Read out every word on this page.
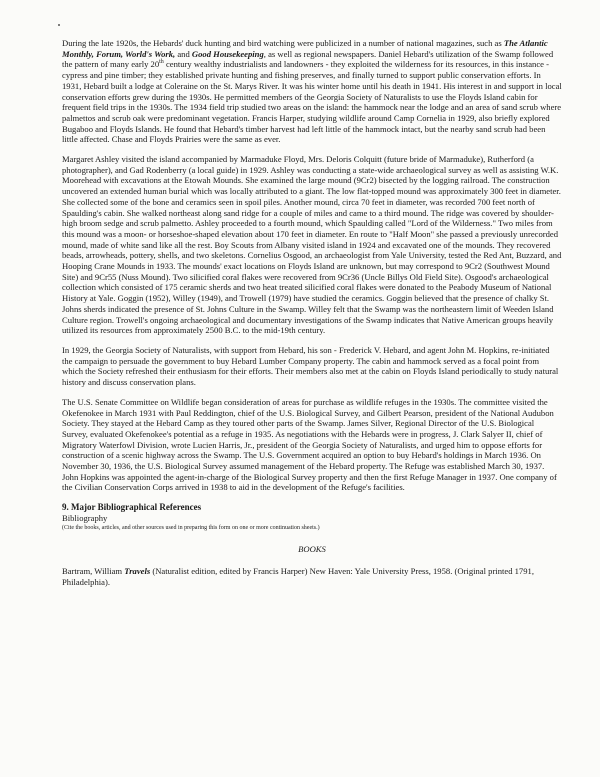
During the late 1920s, the Hebards' duck hunting and bird watching were publicized in a number of national magazines, such as The Atlantic Monthly, Forum, World's Work, and Good Housekeeping, as well as regional newspapers. Daniel Hebard's utilization of the Swamp followed the pattern of many early 20th century wealthy industrialists and landowners - they exploited the wilderness for its resources, in this instance - cypress and pine timber; they established private hunting and fishing preserves, and finally turned to support public conservation efforts. In 1931, Hebard built a lodge at Coleraine on the St. Marys River. It was his winter home until his death in 1941. His interest in and support in local conservation efforts grew during the 1930s. He permitted members of the Georgia Society of Naturalists to use the Floyds Island cabin for frequent field trips in the 1930s. The 1934 field trip studied two areas on the island: the hammock near the lodge and an area of sand scrub where palmettos and scrub oak were predominant vegetation. Francis Harper, studying wildlife around Camp Cornelia in 1929, also briefly explored Bugaboo and Floyds Islands. He found that Hebard's timber harvest had left little of the hammock intact, but the nearby sand scrub had been little affected. Chase and Floyds Prairies were the same as ever.

Margaret Ashley visited the island accompanied by Marmaduke Floyd, Mrs. Deloris Colquitt (future bride of Marmaduke), Rutherford (a photographer), and Gad Rodenberry (a local guide) in 1929. Ashley was conducting a state-wide archaeological survey as well as assisting W.K. Moorehead with excavations at the Etowah Mounds. She examined the large mound (9Cr2) bisected by the logging railroad. The construction uncovered an extended human burial which was locally attributed to a giant. The low flat-topped mound was approximately 300 feet in diameter. She collected some of the bone and ceramics seen in spoil piles. Another mound, circa 70 feet in diameter, was recorded 700 feet north of Spaulding's cabin. She walked northeast along sand ridge for a couple of miles and came to a third mound. The ridge was covered by shoulder-high broom sedge and scrub palmetto. Ashley proceeded to a fourth mound, which Spaulding called "Lord of the Wilderness." Two miles from this mound was a moon- or horseshoe-shaped elevation about 170 feet in diameter. En route to "Half Moon" she passed a previously unrecorded mound, made of white sand like all the rest. Boy Scouts from Albany visited island in 1924 and excavated one of the mounds. They recovered beads, arrowheads, pottery, shells, and two skeletons. Cornelius Osgood, an archaeologist from Yale University, tested the Red Ant, Buzzard, and Hooping Crane Mounds in 1933. The mounds' exact locations on Floyds Island are unknown, but may correspond to 9Cr2 (Southwest Mound Site) and 9Cr55 (Nuss Mound). Two silicified coral flakes were recovered from 9Cr36 (Uncle Billys Old Field Site). Osgood's archaeological collection which consisted of 175 ceramic sherds and two heat treated silicified coral flakes were donated to the Peabody Museum of National History at Yale. Goggin (1952), Willey (1949), and Trowell (1979) have studied the ceramics. Goggin believed that the presence of chalky St. Johns sherds indicated the presence of St. Johns Culture in the Swamp. Willey felt that the Swamp was the northeastern limit of Weeden Island Culture region. Trowell's ongoing archaeological and documentary investigations of the Swamp indicates that Native American groups heavily utilized its resources from approximately 2500 B.C. to the mid-19th century.

In 1929, the Georgia Society of Naturalists, with support from Hebard, his son - Frederick V. Hebard, and agent John M. Hopkins, re-initiated the campaign to persuade the government to buy Hebard Lumber Company property. The cabin and hammock served as a focal point from which the Society refreshed their enthusiasm for their efforts. Their members also met at the cabin on Floyds Island periodically to study natural history and discuss conservation plans.

The U.S. Senate Committee on Wildlife began consideration of areas for purchase as wildlife refuges in the 1930s. The committee visited the Okefenokee in March 1931 with Paul Reddington, chief of the U.S. Biological Survey, and Gilbert Pearson, president of the National Audubon Society. They stayed at the Hebard Camp as they toured other parts of the Swamp. James Silver, Regional Director of the U.S. Biological Survey, evaluated Okefenokee's potential as a refuge in 1935. As negotiations with the Hebards were in progress, J. Clark Salyer II, chief of Migratory Waterfowl Division, wrote Lucien Harris, Jr., president of the Georgia Society of Naturalists, and urged him to oppose efforts for construction of a scenic highway across the Swamp. The U.S. Government acquired an option to buy Hebard's holdings in March 1936. On November 30, 1936, the U.S. Biological Survey assumed management of the Hebard property. The Refuge was established March 30, 1937. John Hopkins was appointed the agent-in-charge of the Biological Survey property and then the first Refuge Manager in 1937. One company of the Civilian Conservation Corps arrived in 1938 to aid in the development of the Refuge's facilities.

9. Major Bibliographical References
Bibliography
(Cite the books, articles, and other sources used in preparing this form on one or more continuation sheets.)
BOOKS

Bartram, William Travels (Naturalist edition, edited by Francis Harper) New Haven: Yale University Press, 1958. (Original printed 1791, Philadelphia).
